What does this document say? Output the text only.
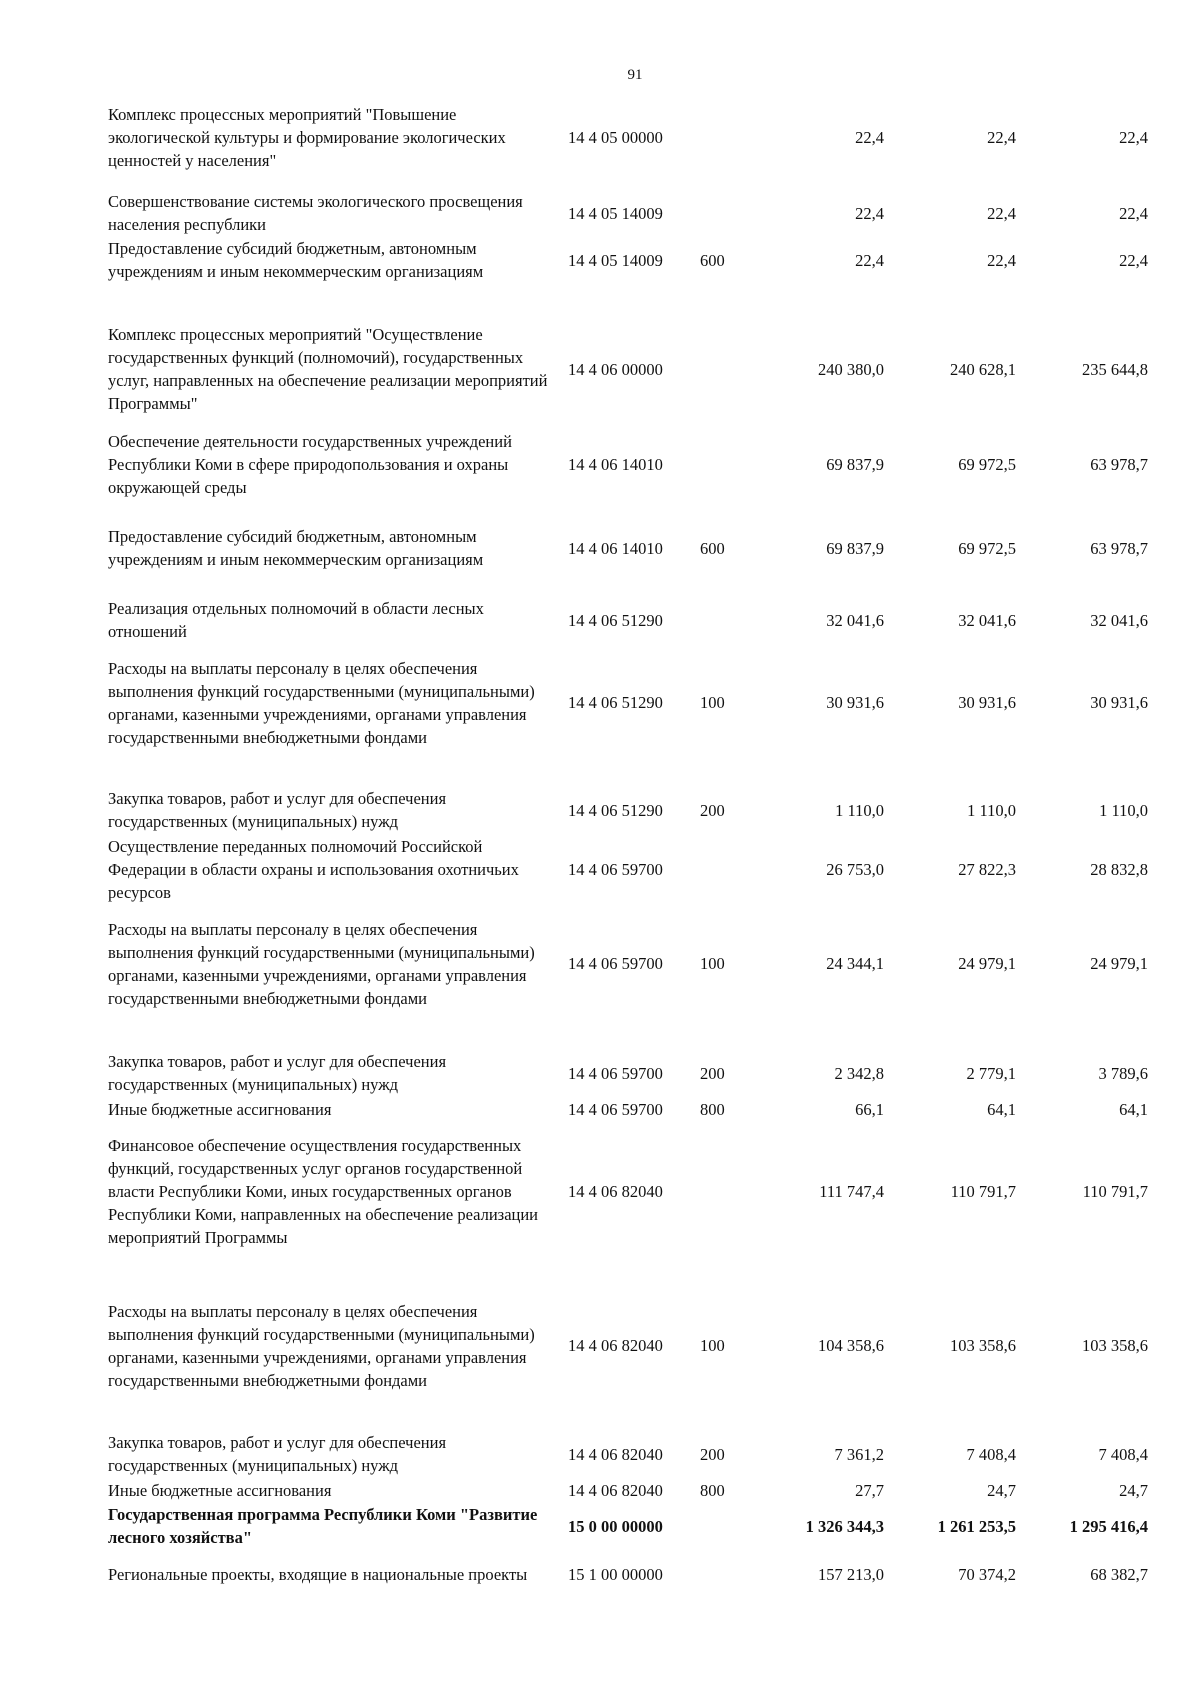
91
Комплекс процессных мероприятий "Повышение экологической культуры и формирование экологических ценностей у населения"
14 4 05 00000	22,4	22,4	22,4
Совершенствование системы экологического просвещения населения республики
14 4 05 14009	22,4	22,4	22,4
Предоставление субсидий бюджетным, автономным учреждениям и иным некоммерческим организациям
14 4 05 14009	600	22,4	22,4	22,4
Комплекс процессных мероприятий "Осуществление государственных функций (полномочий), государственных услуг, направленных на обеспечение реализации мероприятий Программы"
14 4 06 00000	240 380,0	240 628,1	235 644,8
Обеспечение деятельности государственных учреждений Республики Коми в сфере природопользования и охраны окружающей среды
14 4 06 14010	69 837,9	69 972,5	63 978,7
Предоставление субсидий бюджетным, автономным учреждениям и иным некоммерческим организациям
14 4 06 14010	600	69 837,9	69 972,5	63 978,7
Реализация отдельных полномочий в области лесных отношений
14 4 06 51290	32 041,6	32 041,6	32 041,6
Расходы на выплаты персоналу в целях обеспечения выполнения функций государственными (муниципальными) органами, казенными учреждениями, органами управления государственными внебюджетными фондами
14 4 06 51290	100	30 931,6	30 931,6	30 931,6
Закупка товаров, работ и услуг для обеспечения государственных (муниципальных) нужд
14 4 06 51290	200	1 110,0	1 110,0	1 110,0
Осуществление переданных полномочий Российской Федерации в области охраны и использования охотничьих ресурсов
14 4 06 59700	26 753,0	27 822,3	28 832,8
Расходы на выплаты персоналу в целях обеспечения выполнения функций государственными (муниципальными) органами, казенными учреждениями, органами управления государственными внебюджетными фондами
14 4 06 59700	100	24 344,1	24 979,1	24 979,1
Закупка товаров, работ и услуг для обеспечения государственных (муниципальных) нужд
14 4 06 59700	200	2 342,8	2 779,1	3 789,6
Иные бюджетные ассигнования	14 4 06 59700	800	66,1	64,1	64,1
Финансовое обеспечение осуществления государственных функций, государственных услуг органов государственной власти Республики Коми, иных государственных органов Республики Коми, направленных на обеспечение реализации мероприятий Программы
14 4 06 82040	111 747,4	110 791,7	110 791,7
Расходы на выплаты персоналу в целях обеспечения выполнения функций государственными (муниципальными) органами, казенными учреждениями, органами управления государственными внебюджетными фондами
14 4 06 82040	100	104 358,6	103 358,6	103 358,6
Закупка товаров, работ и услуг для обеспечения государственных (муниципальных) нужд
14 4 06 82040	200	7 361,2	7 408,4	7 408,4
Иные бюджетные ассигнования	14 4 06 82040	800	27,7	24,7	24,7
Государственная программа Республики Коми "Развитие лесного хозяйства"
15 0 00 00000	1 326 344,3	1 261 253,5	1 295 416,4
Региональные проекты, входящие в национальные проекты	15 1 00 00000	157 213,0	70 374,2	68 382,7
